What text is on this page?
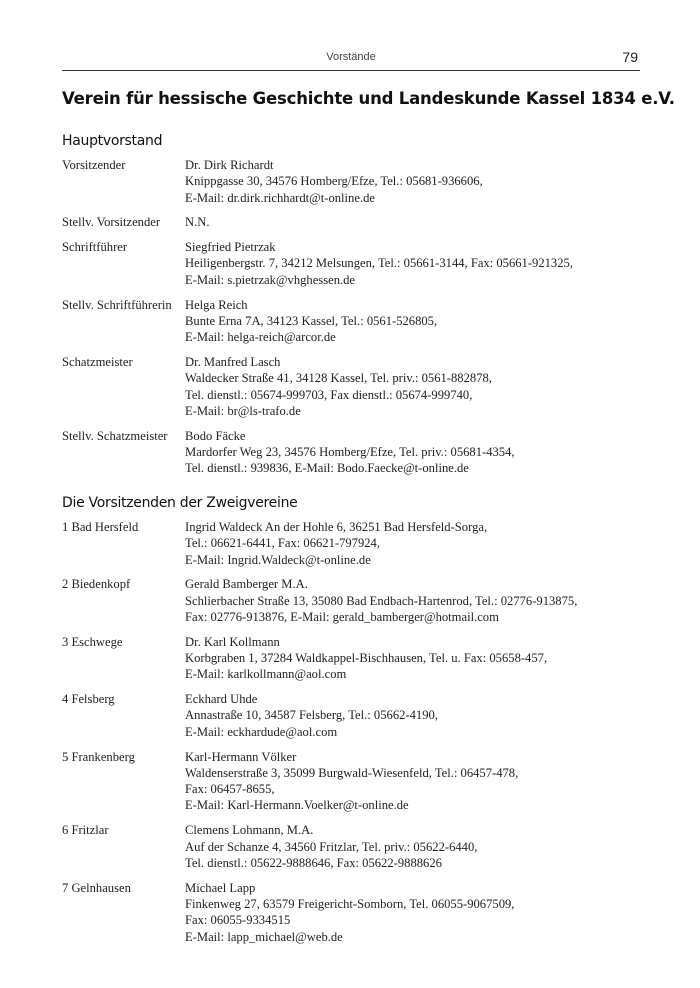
Vorstände	79
Verein für hessische Geschichte und Landeskunde Kassel 1834 e.V.
Hauptvorstand
Vorsitzender	Dr. Dirk Richardt
Knippgasse 30, 34576 Homberg/Efze, Tel.: 05681-936606,
E-Mail: dr.dirk.richhardt@t-online.de
Stellv. Vorsitzender	N.N.
Schriftführer	Siegfried Pietrzak
Heiligenbergstr. 7, 34212 Melsungen, Tel.: 05661-3144, Fax: 05661-921325,
E-Mail: s.pietrzak@vhghessen.de
Stellv. Schriftführerin	Helga Reich
Bunte Erna 7A, 34123 Kassel, Tel.: 0561-526805,
E-Mail: helga-reich@arcor.de
Schatzmeister	Dr. Manfred Lasch
Waldecker Straße 41, 34128 Kassel, Tel. priv.: 0561-882878,
Tel. dienstl.: 05674-999703, Fax dienstl.: 05674-999740,
E-Mail: br@ls-trafo.de
Stellv. Schatzmeister	Bodo Fäcke
Mardorfer Weg 23, 34576 Homberg/Efze, Tel. priv.: 05681-4354,
Tel. dienstl.: 939836, E-Mail: Bodo.Faecke@t-online.de
Die Vorsitzenden der Zweigvereine
1 Bad Hersfeld	Ingrid Waldeck An der Hohle 6, 36251 Bad Hersfeld-Sorga,
Tel.: 06621-6441, Fax: 06621-797924,
E-Mail: Ingrid.Waldeck@t-online.de
2 Biedenkopf	Gerald Bamberger M.A.
Schlierbacher Straße 13, 35080 Bad Endbach-Hartenrod, Tel.: 02776-913875,
Fax: 02776-913876, E-Mail: gerald_bamberger@hotmail.com
3 Eschwege	Dr. Karl Kollmann
Korbgraben 1, 37284 Waldkappel-Bischhausen, Tel. u. Fax: 05658-457,
E-Mail: karlkollmann@aol.com
4 Felsberg	Eckhard Uhde
Annastraße 10, 34587 Felsberg, Tel.: 05662-4190,
E-Mail: eckhardude@aol.com
5 Frankenberg	Karl-Hermann Völker
Waldenserstraße 3, 35099 Burgwald-Wiesenfeld, Tel.: 06457-478,
Fax: 06457-8655,
E-Mail: Karl-Hermann.Voelker@t-online.de
6 Fritzlar	Clemens Lohmann, M.A.
Auf der Schanze 4, 34560 Fritzlar, Tel. priv.: 05622-6440,
Tel. dienstl.: 05622-9888646, Fax: 05622-9888626
7 Gelnhausen	Michael Lapp
Finkenweg 27, 63579 Freigericht-Somborn, Tel. 06055-9067509,
Fax: 06055-9334515
E-Mail: lapp_michael@web.de
